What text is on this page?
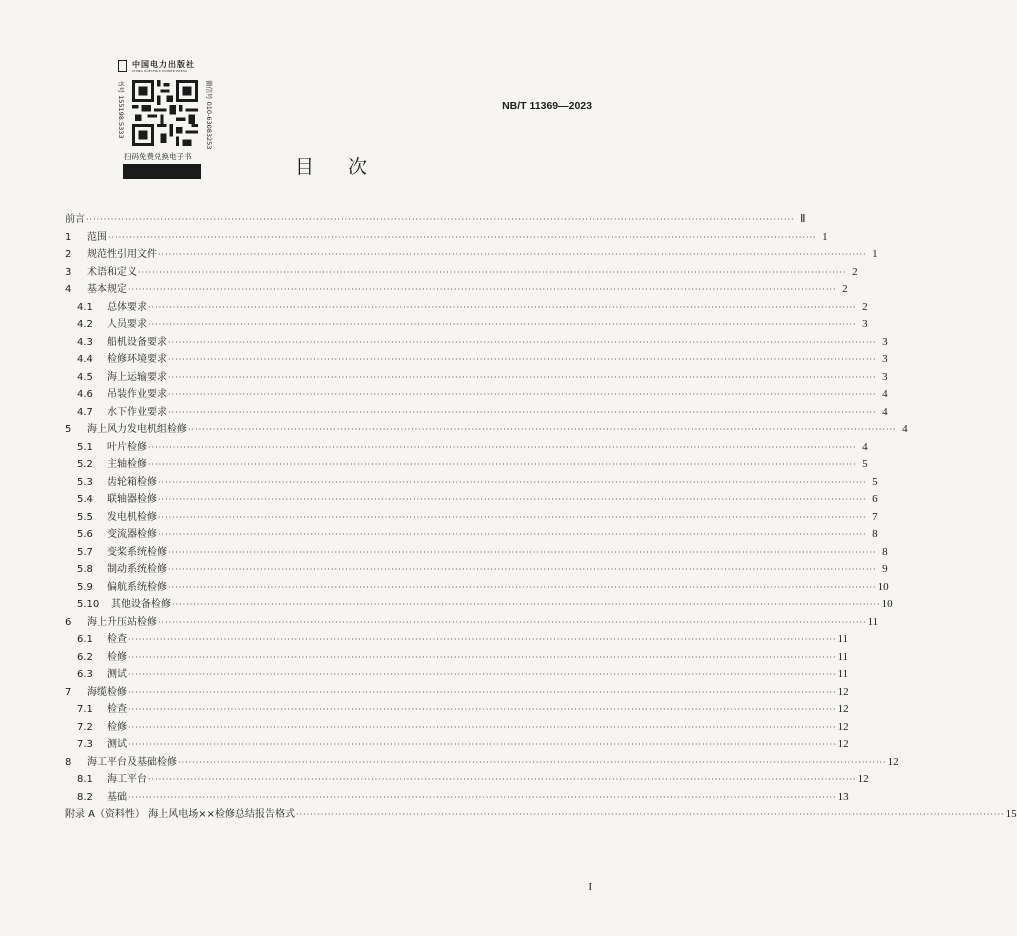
中国电力出版社
CHINA ELECTRIC POWER PRESS
书号 155198.5333	微信号 010-63083253
扫码免费兑换电子书
NB/T 11369—2023
目次
前言 ········································································································································································································ Ⅱ
1	范围 ········································································································································································································ 1
2	规范性引用文件 ········································································································································································································ 1
3	术语和定义 ········································································································································································································ 2
4	基本规定 ········································································································································································································ 2
4.1	总体要求 ········································································································································································································ 2
4.2	人员要求 ········································································································································································································ 3
4.3	船机设备要求 ········································································································································································································ 3
4.4	检修环境要求 ········································································································································································································ 3
4.5	海上运输要求 ········································································································································································································ 3
4.6	吊装作业要求 ········································································································································································································ 4
4.7	水下作业要求 ········································································································································································································ 4
5	海上风力发电机组检修 ········································································································································································································ 4
5.1	叶片检修 ········································································································································································································ 4
5.2	主轴检修 ········································································································································································································ 5
5.3	齿轮箱检修 ········································································································································································································ 5
5.4	联轴器检修 ········································································································································································································ 6
5.5	发电机检修 ········································································································································································································ 7
5.6	变流器检修 ········································································································································································································ 8
5.7	变桨系统检修 ········································································································································································································ 8
5.8	制动系统检修 ········································································································································································································ 9
5.9	偏航系统检修 ········································································································································································································ 10
5.10	其他设备检修 ········································································································································································································ 10
6	海上升压站检修 ········································································································································································································ 11
6.1	检查 ········································································································································································································ 11
6.2	检修 ········································································································································································································ 11
6.3	测试 ········································································································································································································ 11
7	海缆检修 ········································································································································································································ 12
7.1	检查 ········································································································································································································ 12
7.2	检修 ········································································································································································································ 12
7.3	测试 ········································································································································································································ 12
8	海工平台及基础检修 ········································································································································································································ 12
8.1	海工平台 ········································································································································································································ 12
8.2	基础 ········································································································································································································ 13
附录 A（资料性） 海上风电场××检修总结报告格式 ········································································································································································································ 15
I
